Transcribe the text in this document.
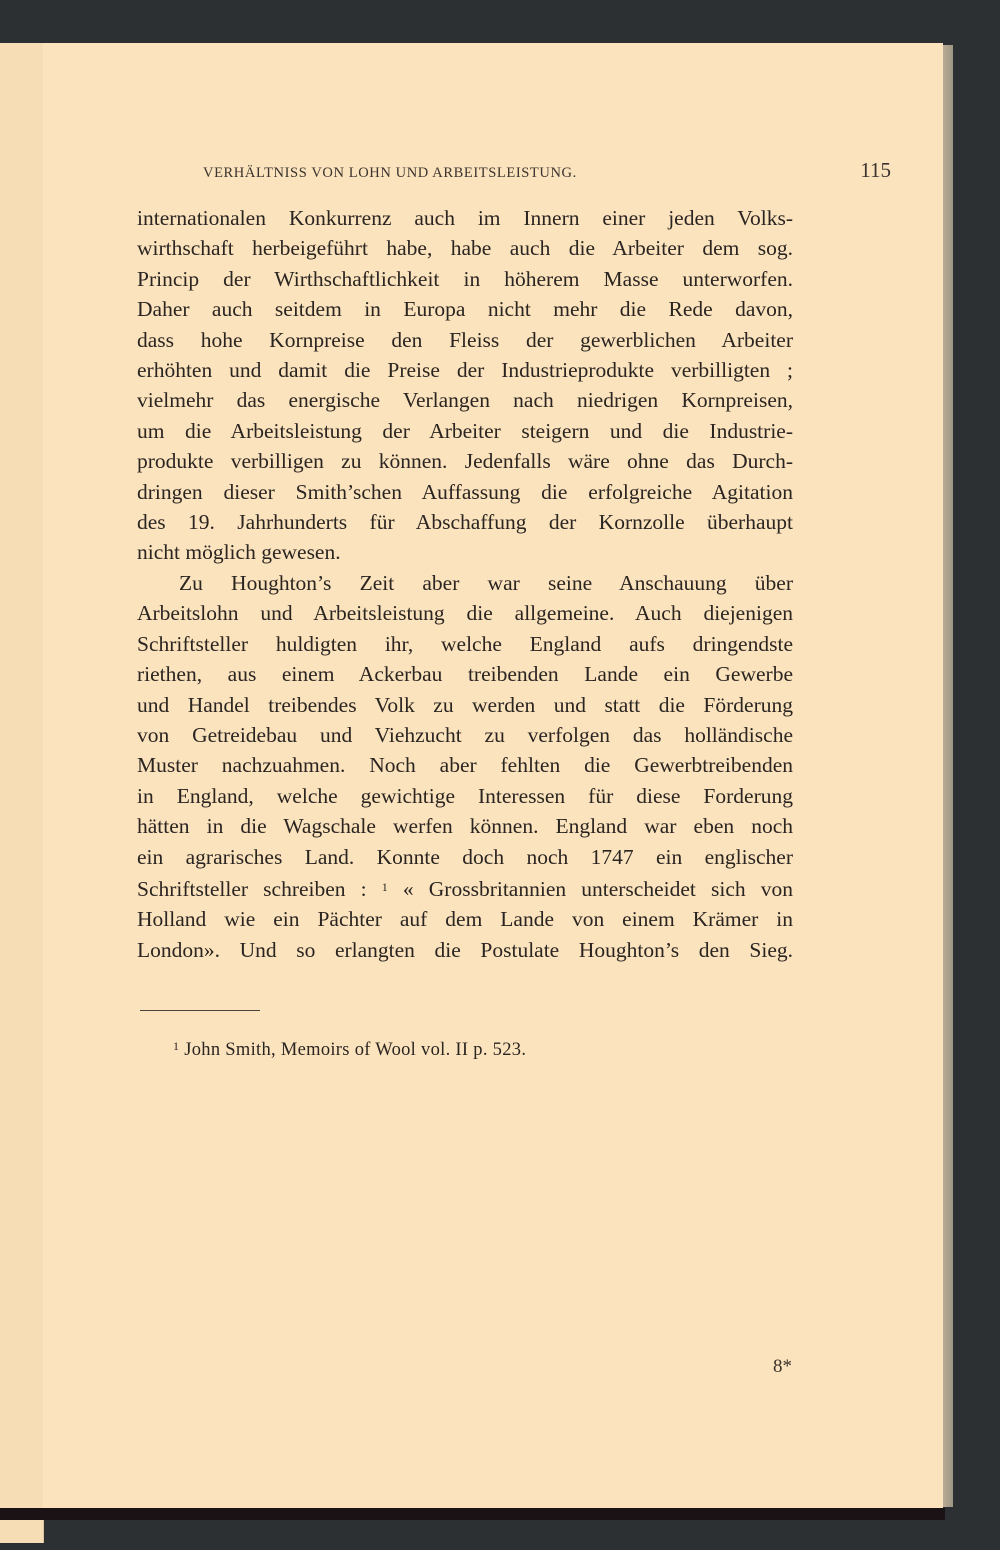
VERHÄLTNISS VON LOHN UND ARBEITSLEISTUNG.	115

internationalen Konkurrenz auch im Innern einer jeden Volks-
wirthschaft herbeigeführt habe, habe auch die Arbeiter dem sog.
Princip der Wirthschaftlichkeit in höherem Masse unterworfen.
Daher auch seitdem in Europa nicht mehr die Rede davon,
dass hohe Kornpreise den Fleiss der gewerblichen Arbeiter
erhöhten und damit die Preise der Industrieprodukte verbilligten ;
vielmehr das energische Verlangen nach niedrigen Kornpreisen,
um die Arbeitsleistung der Arbeiter steigern und die Industrie-
produkte verbilligen zu können. Jedenfalls wäre ohne das Durch-
dringen dieser Smith’schen Auffassung die erfolgreiche Agitation
des 19. Jahrhunderts für Abschaffung der Kornzolle überhaupt
nicht möglich gewesen.

Zu Houghton’s Zeit aber war seine Anschauung über
Arbeitslohn und Arbeitsleistung die allgemeine. Auch diejenigen
Schriftsteller huldigten ihr, welche England aufs dringendste
riethen, aus einem Ackerbau treibenden Lande ein Gewerbe
und Handel treibendes Volk zu werden und statt die Förderung
von Getreidebau und Viehzucht zu verfolgen das holländische
Muster nachzuahmen. Noch aber fehlten die Gewerbtreibenden
in England, welche gewichtige Interessen für diese Forderung
hätten in die Wagschale werfen können. England war eben noch
ein agrarisches Land. Konnte doch noch 1747 ein englischer
Schriftsteller schreiben : $^1$ « Grossbritannien unterscheidet sich von
Holland wie ein Pächter auf dem Lande von einem Krämer in
London». Und so erlangten die Postulate Houghton’s den Sieg.

$^1$ John Smith, Memoirs of Wool vol. II p. 523.
8*
